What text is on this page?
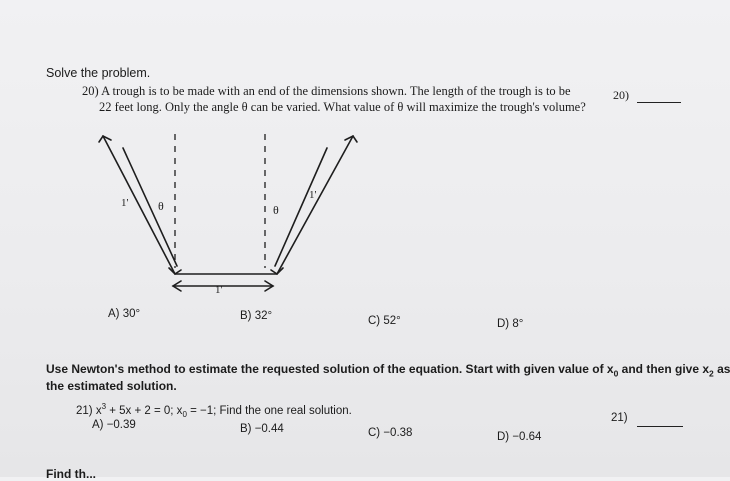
Solve the problem.
20) A trough is to be made with an end of the dimensions shown. The length of the trough is to be
22 feet long. Only the angle θ can be varied. What value of θ will maximize the trough's volume?
20)
1' θ	θ
1'
1'
A) 30°	B) 32°	C) 52°	D) 8°
Use Newton's method to estimate the requested solution of the equation. Start with given value of $x_0$ and then give $x_2$ as
the estimated solution.
21) $x^3 + 5x + 2 = 0$; $x_0 = -1$; Find the one real solution.
21)
A) −0.39	B) −0.44	C) −0.38	D) −0.64
Find th...
